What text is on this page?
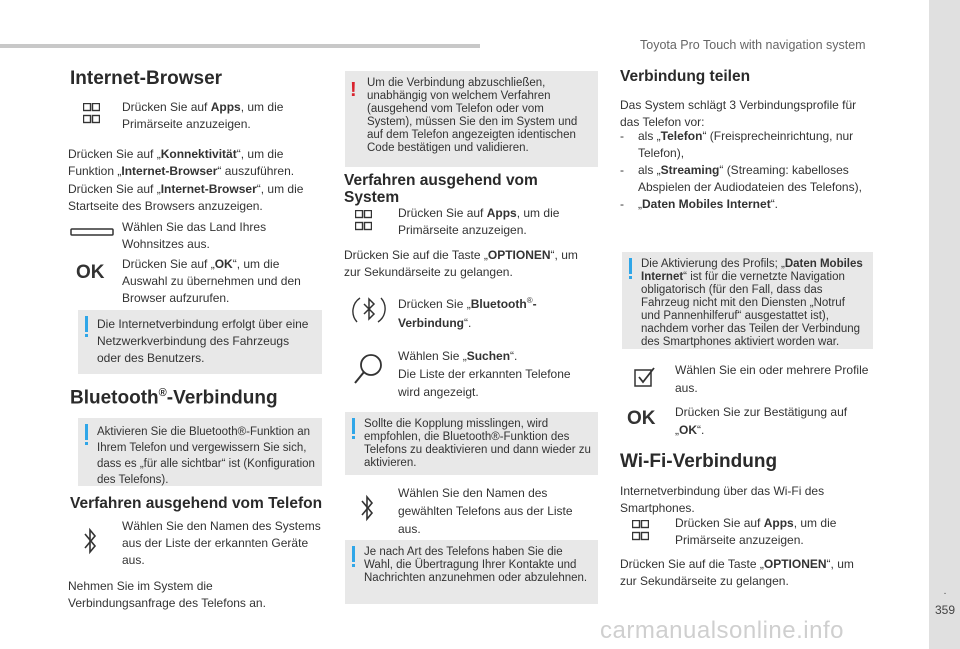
Toyota Pro Touch with navigation system
.
359
carmanualsonline.info
Internet-Browser

Drücken Sie auf Apps, um die Primärseite anzuzeigen.

Drücken Sie auf „Konnektivität“, um die Funktion „Internet-Browser“ auszuführen.

Drücken Sie auf „Internet-Browser“, um die Startseite des Browsers anzuzeigen.

Wählen Sie das Land Ihres Wohnsitzes aus.

OK Drücken Sie auf „OK“, um die Auswahl zu übernehmen und den Browser aufzurufen.

Die Internetverbindung erfolgt über eine Netzwerkverbindung des Fahrzeugs oder des Benutzers.

Bluetooth®-Verbindung

Aktivieren Sie die Bluetooth®-Funktion an Ihrem Telefon und vergewissern Sie sich, dass es „für alle sichtbar“ ist (Konfiguration des Telefons).

Verfahren ausgehend vom Telefon

Wählen Sie den Namen des Systems aus der Liste der erkannten Geräte aus.

Nehmen Sie im System die Verbindungsanfrage des Telefons an.

! Um die Verbindung abzuschließen, unabhängig von welchem Verfahren (ausgehend vom Telefon oder vom System), müssen Sie den im System und auf dem Telefon angezeigten identischen Code bestätigen und validieren.

Verfahren ausgehend vom System

Drücken Sie auf Apps, um die Primärseite anzuzeigen.

Drücken Sie auf die Taste „OPTIONEN“, um zur Sekundärseite zu gelangen.

Drücken Sie „Bluetooth®-Verbindung“.

Wählen Sie „Suchen“.
Die Liste der erkannten Telefone wird angezeigt.

Sollte die Kopplung misslingen, wird empfohlen, die Bluetooth®-Funktion des Telefons zu deaktivieren und dann wieder zu aktivieren.

Wählen Sie den Namen des gewählten Telefons aus der Liste aus.

Je nach Art des Telefons haben Sie die Wahl, die Übertragung Ihrer Kontakte und Nachrichten anzunehmen oder abzulehnen.

Verbindung teilen

Das System schlägt 3 Verbindungsprofile für das Telefon vor:

-	als „Telefon“ (Freisprecheinrichtung, nur Telefon),
-	als „Streaming“ (Streaming: kabelloses Abspielen der Audiodateien des Telefons),
-	„Daten Mobiles Internet“.

Die Aktivierung des Profils; „Daten Mobiles Internet“ ist für die vernetzte Navigation obligatorisch (für den Fall, dass das Fahrzeug nicht mit den Diensten „Notruf und Pannenhilferuf“ ausgestattet ist), nachdem vorher das Teilen der Verbindung des Smartphones aktiviert worden war.

Wählen Sie ein oder mehrere Profile aus.

OK Drücken Sie zur Bestätigung auf „OK“.

Wi-Fi-Verbindung

Internetverbindung über das Wi-Fi des Smartphones.

Drücken Sie auf Apps, um die Primärseite anzuzeigen.

Drücken Sie auf die Taste „OPTIONEN“, um zur Sekundärseite zu gelangen.
